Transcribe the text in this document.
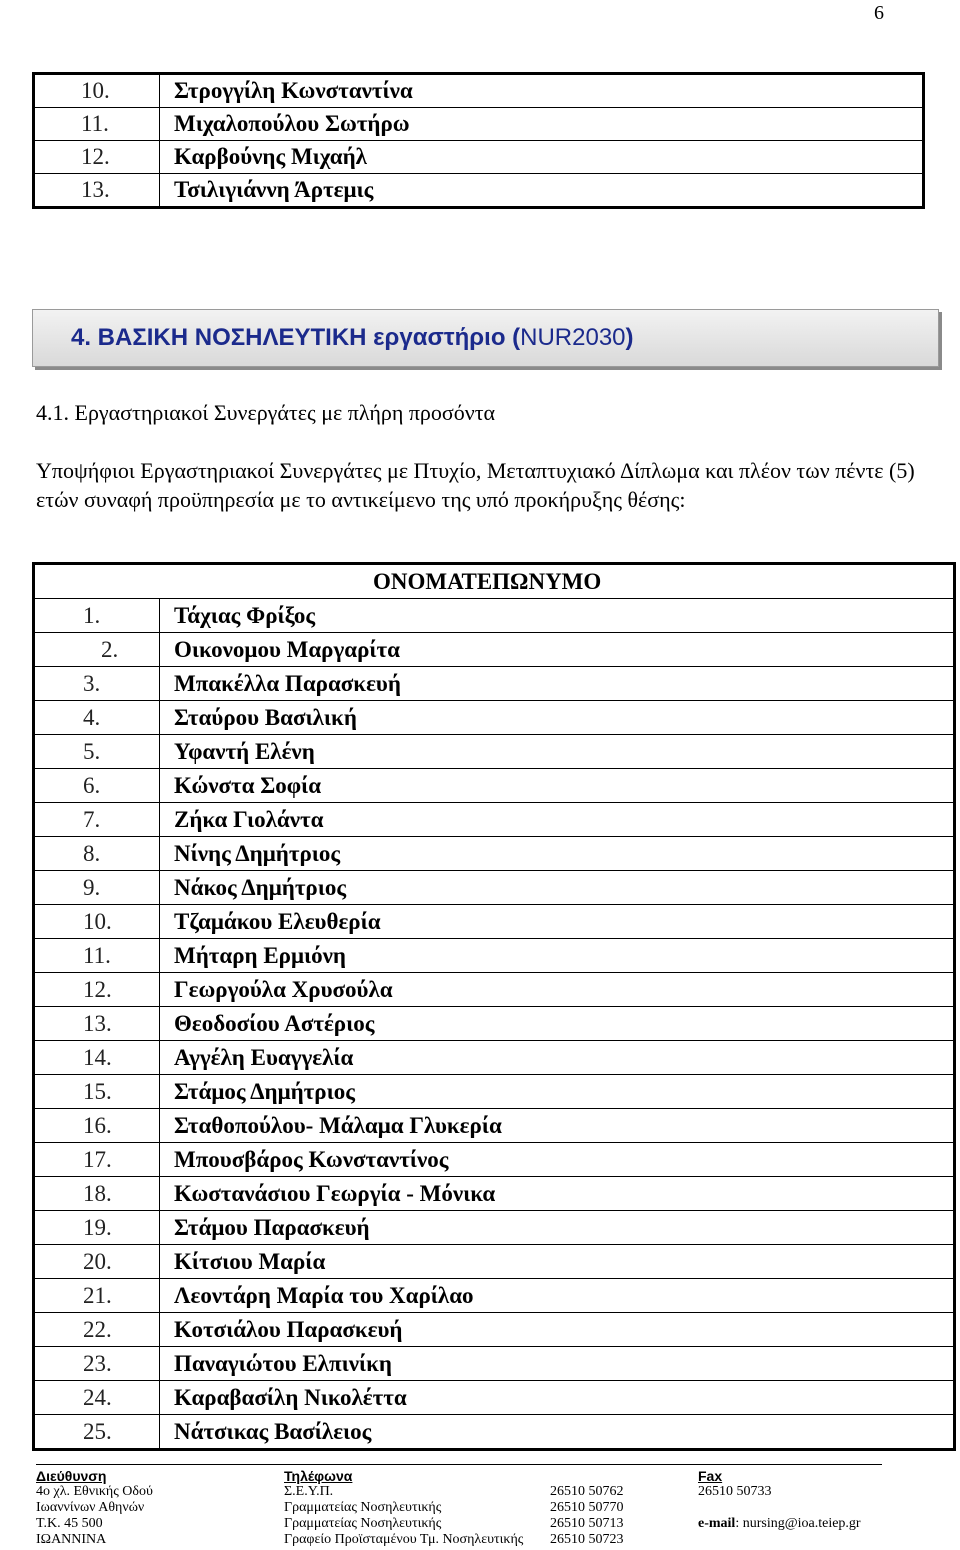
6
10.	Στρογγίλη Κωνσταντίνα
11.	Μιχαλοπούλου Σωτήρω
12.	Καρβούνης Μιχαήλ
13.	Τσιλιγιάννη Άρτεμις
4. ΒΑΣΙΚΗ ΝΟΣΗΛΕΥΤΙΚΗ εργαστήριο (NUR2030)
4.1. Εργαστηριακοί Συνεργάτες με πλήρη προσόντα
Υποψήφιοι Εργαστηριακοί Συνεργάτες με Πτυχίο, Μεταπτυχιακό Δίπλωμα και πλέον των πέντε (5) ετών συναφή προϋπηρεσία με το αντικείμενο της υπό προκήρυξης θέσης:
ΟΝΟΜΑΤΕΠΩΝΥΜΟ	
1.	Τάχιας Φρίξος
2.	Οικονομου Μαργαρίτα
3.	Μπακέλλα Παρασκευή
4.	Σταύρου Βασιλική
5.	Υφαντή Ελένη
6.	Κώνστα Σοφία
7.	Ζήκα Γιολάντα
8.	Νίνης Δημήτριος
9.	Νάκος Δημήτριος
10.	Τζαμάκου Ελευθερία
11.	Μήταρη Ερμιόνη
12.	Γεωργούλα Χρυσούλα
13.	Θεοδοσίου Αστέριος
14.	Αγγέλη Ευαγγελία
15.	Στάμος Δημήτριος
16.	Σταθοπούλου- Μάλαμα Γλυκερία
17.	Μπουσβάρος Κωνσταντίνος
18.	Κωστανάσιου Γεωργία - Μόνικα
19.	Στάμου Παρασκευή
20.	Κίτσιου Μαρία
21.	Λεοντάρη Μαρία του Χαρίλαο
22.	Κοτσιάλου Παρασκευή
23.	Παναγιώτου Ελπινίκη
24.	Καραβασίλη Νικολέττα
25.	Νάτσικας Βασίλειος
Διεύθυνση
4ο χλ. Εθνικής Οδού
Ιωαννίνων Αθηνών
Τ.Κ. 45 500
ΙΩΑΝΝΙΝΑ
Τηλέφωνα
Σ.Ε.Υ.Π.
Γραμματείας Νοσηλευτικής
Γραμματείας Νοσηλευτικής
Γραφείο Προϊσταμένου Τμ. Νοσηλευτικής
26510 50762
26510 50770
26510 50713
26510 50723
Fax
26510 50733

e-mail: nursing@ioa.teiep.gr
